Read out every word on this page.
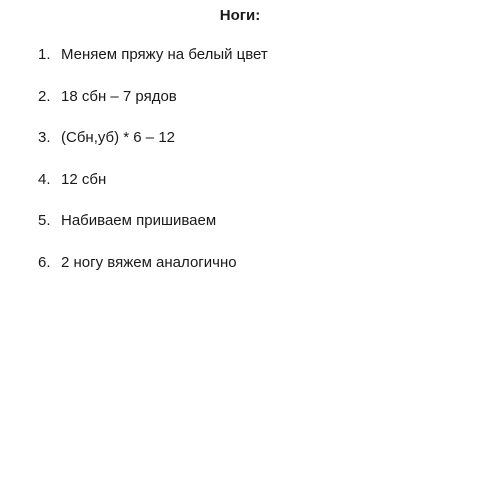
Ноги:
1. Меняем пряжу на белый цвет
2. 18 сбн – 7 рядов
3. (Сбн,уб) * 6 – 12
4. 12 сбн
5. Набиваем пришиваем
6. 2 ногу вяжем аналогично
